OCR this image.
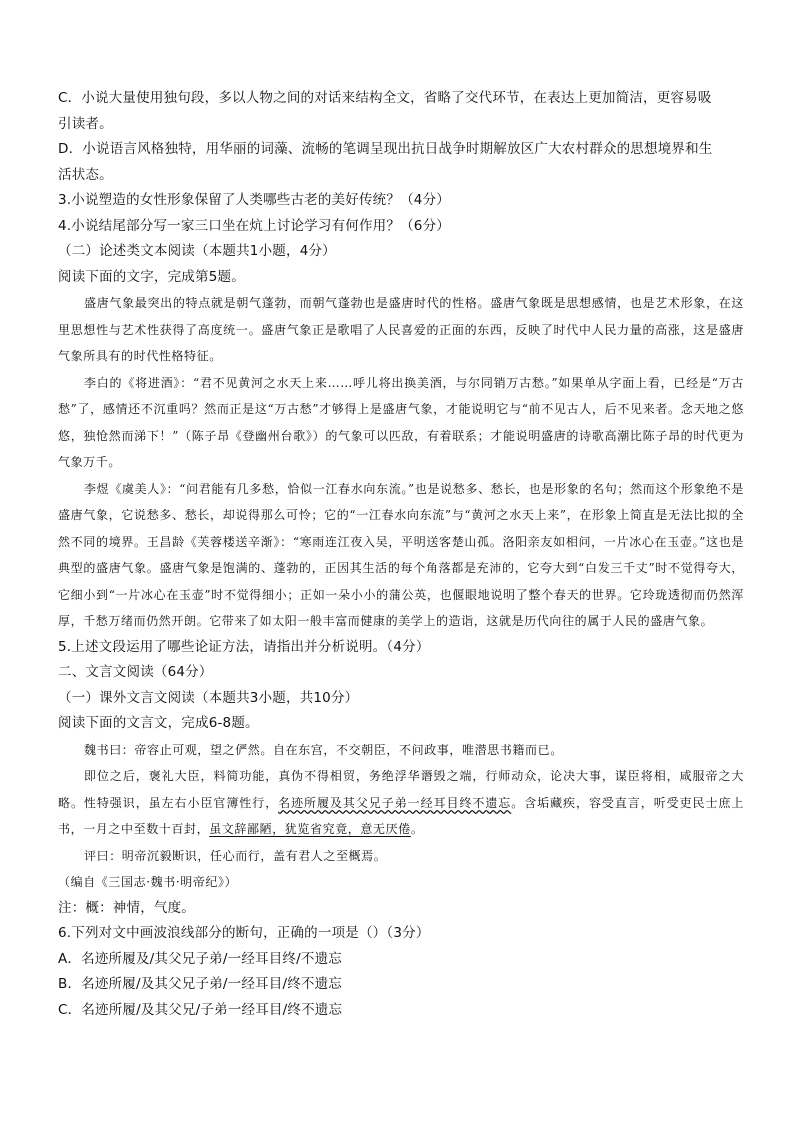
C．小说大量使用独句段，多以人物之间的对话来结构全文，省略了交代环节，在表达上更加简洁，更容易吸
引读者。
D．小说语言风格独特，用华丽的词藻、流畅的笔调呈现出抗日战争时期解放区广大农村群众的思想境界和生
活状态。
3.小说塑造的女性形象保留了人类哪些古老的美好传统？（4分）
4.小说结尾部分写一家三口坐在炕上讨论学习有何作用？（6分）
（二）论述类文本阅读（本题共1小题，4分）
阅读下面的文字，完成第5题。
盛唐气象最突出的特点就是朝气蓬勃，而朝气蓬勃也是盛唐时代的性格。盛唐气象既是思想感情，也是艺术形象，在这里思想性与艺术性获得了高度统一。盛唐气象正是歌唱了人民喜爱的正面的东西，反映了时代中人民力量的高涨，这是盛唐气象所具有的时代性格特征。
李白的《将进酒》：“君不见黄河之水天上来……呼儿将出换美酒，与尔同销万古愁。”如果单从字面上看，已经是“万古愁”了，感情还不沉重吗？然而正是这“万古愁”才够得上是盛唐气象，才能说明它与“前不见古人，后不见来者。念天地之悠悠，独怆然而涕下！”（陈子昂《登幽州台歌》）的气象可以匹敌，有着联系；才能说明盛唐的诗歌高潮比陈子昂的时代更为气象万千。
李煜《虞美人》：“问君能有几多愁，恰似一江春水向东流。”也是说愁多、愁长，也是形象的名句；然而这个形象绝不是盛唐气象，它说愁多、愁长，却说得那么可怜；它的“一江春水向东流”与“黄河之水天上来”，在形象上简直是无法比拟的全然不同的境界。王昌龄《芙蓉楼送辛渐》：“寒雨连江夜入吴，平明送客楚山孤。洛阳亲友如相问，一片冰心在玉壶。”这也是典型的盛唐气象。盛唐气象是饱满的、蓬勃的，正因其生活的每个角落都是充沛的，它夸大到“白发三千丈”时不觉得夸大，它细小到“一片冰心在玉壶”时不觉得细小；正如一朵小小的蒲公英，也偃眼地说明了整个春天的世界。它玲珑透彻而仍然浑厚，千愁万绪而仍然开朗。它带来了如太阳一般丰富而健康的美学上的造诣，这就是历代向往的属于人民的盛唐气象。
5.上述文段运用了哪些论证方法，请指出并分析说明。（4分）
二、文言文阅读（64分）
（一）课外文言文阅读（本题共3小题，共10分）
阅读下面的文言文，完成6-8题。
魏书曰：帝容止可观，望之俨然。自在东宫，不交朝臣，不问政事，唯潜思书籍而已。
即位之后，褒礼大臣，料简功能，真伪不得相贸，务绝浮华谮毁之端，行师动众，论决大事，谋臣将相，咸服帝之大略。性特强识，虽左右小臣官簿性行，名迹所履及其父兄子弟一经耳目终不遗忘。含垢藏疾，容受直言，听受吏民士庶上书，一月之中至数十百封，虽文辞鄙陋，犹览省究竟，意无厌倦。
评曰：明帝沉毅断识，任心而行，盖有君人之至概焉。
（编自《三国志·魏书·明帝纪》）
注：概：神情，气度。
6.下列对文中画波浪线部分的断句，正确的一项是（）（3分）
A．名迹所履及/其父兄子弟/一经耳目终/不遗忘
B．名迹所履/及其父兄子弟/一经耳目/终不遗忘
C．名迹所履/及其父兄/子弟一经耳目/终不遗忘
